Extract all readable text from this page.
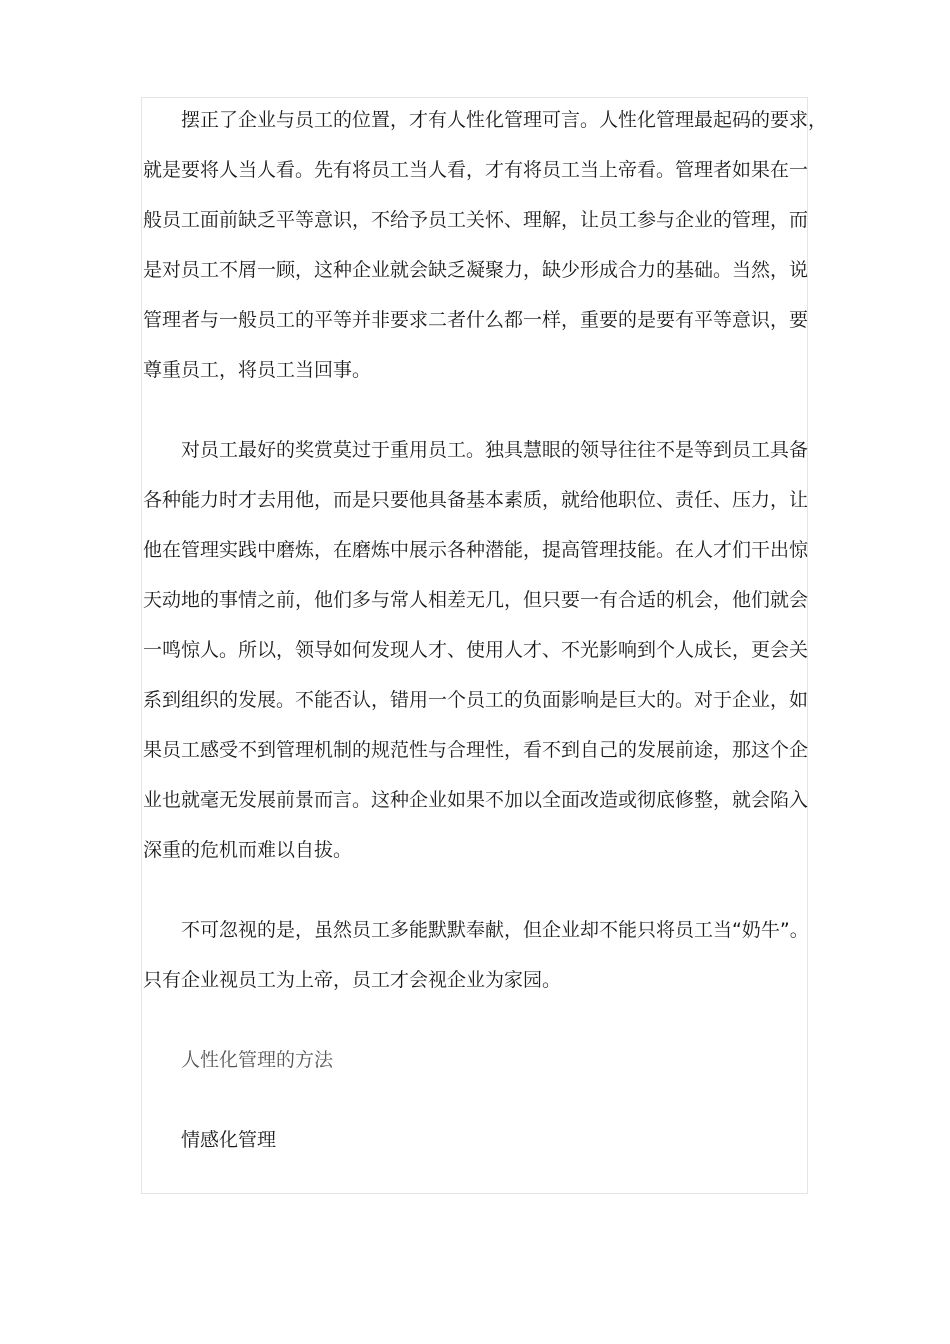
摆正了企业与员工的位置，才有人性化管理可言。人性化管理最起码的要求，
就是要将人当人看。先有将员工当人看，才有将员工当上帝看。管理者如果在一
般员工面前缺乏平等意识，不给予员工关怀、理解，让员工参与企业的管理，而
是对员工不屑一顾，这种企业就会缺乏凝聚力，缺少形成合力的基础。当然，说
管理者与一般员工的平等并非要求二者什么都一样，重要的是要有平等意识，要
尊重员工，将员工当回事。
对员工最好的奖赏莫过于重用员工。独具慧眼的领导往往不是等到员工具备
各种能力时才去用他，而是只要他具备基本素质，就给他职位、责任、压力，让
他在管理实践中磨炼，在磨炼中展示各种潜能，提高管理技能。在人才们干出惊
天动地的事情之前，他们多与常人相差无几，但只要一有合适的机会，他们就会
一鸣惊人。所以，领导如何发现人才、使用人才、不光影响到个人成长，更会关
系到组织的发展。不能否认，错用一个员工的负面影响是巨大的。对于企业，如
果员工感受不到管理机制的规范性与合理性，看不到自己的发展前途，那这个企
业也就毫无发展前景而言。这种企业如果不加以全面改造或彻底修整，就会陷入
深重的危机而难以自拔。
不可忽视的是，虽然员工多能默默奉献，但企业却不能只将员工当“奶牛”。
只有企业视员工为上帝，员工才会视企业为家园。
人性化管理的方法
情感化管理
